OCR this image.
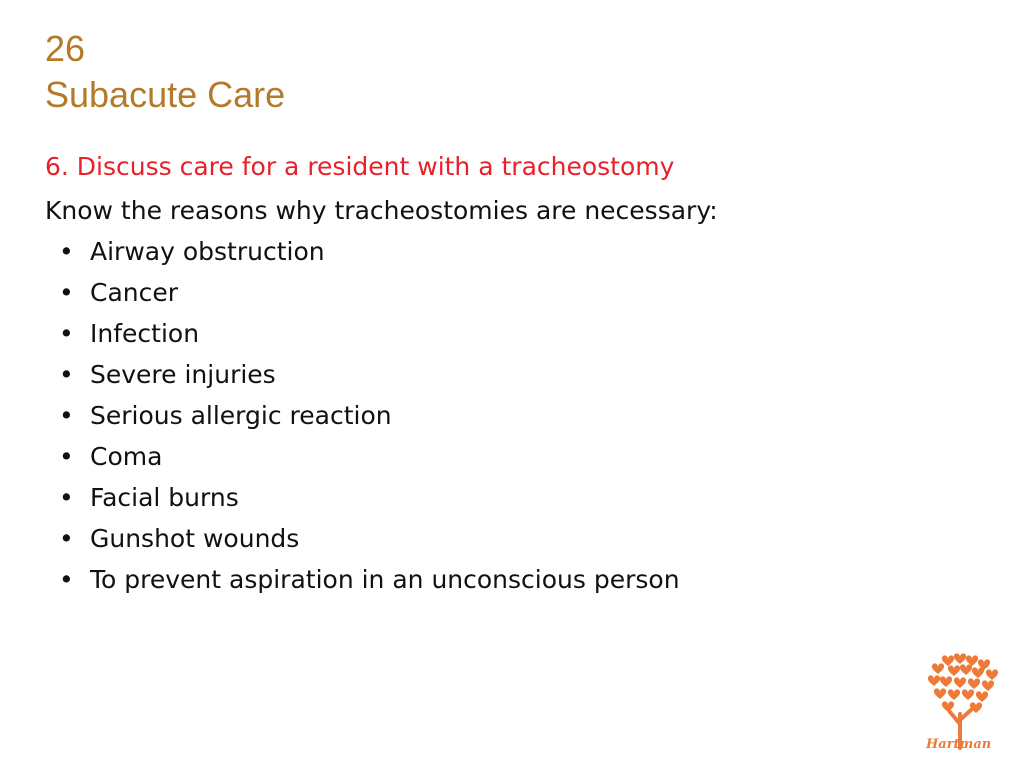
26
Subacute Care
6. Discuss care for a resident with a tracheostomy
Know the reasons why tracheostomies are necessary:
• Airway obstruction
• Cancer
• Infection
• Severe injuries
• Serious allergic reaction
• Coma
• Facial burns
• Gunshot wounds
• To prevent aspiration in an unconscious person
Hartman
